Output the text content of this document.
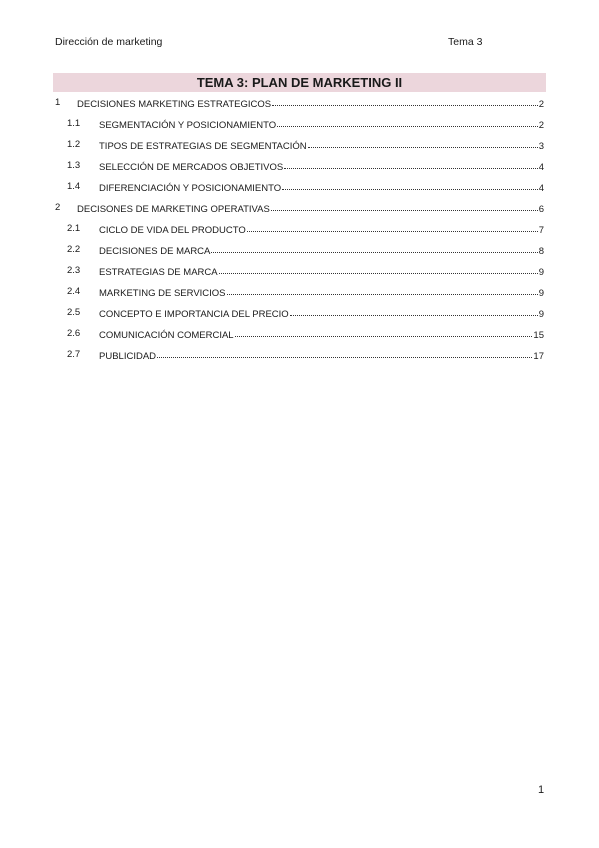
Dirección de marketing	Tema 3
TEMA 3: PLAN DE MARKETING II
1 DECISIONES MARKETING ESTRATEGICOS	2
1.1 SEGMENTACIÓN Y POSICIONAMIENTO	2
1.2 TIPOS DE ESTRATEGIAS DE SEGMENTACIÓN	3
1.3 SELECCIÓN DE MERCADOS OBJETIVOS	4
1.4 DIFERENCIACIÓN Y POSICIONAMIENTO	4
2 DECISONES DE MARKETING OPERATIVAS	6
2.1 CICLO DE VIDA DEL PRODUCTO	7
2.2 DECISIONES DE MARCA	8
2.3 ESTRATEGIAS DE MARCA	9
2.4 MARKETING DE SERVICIOS	9
2.5 CONCEPTO E IMPORTANCIA DEL PRECIO	9
2.6 COMUNICACIÓN COMERCIAL	15
2.7 PUBLICIDAD	17
1
